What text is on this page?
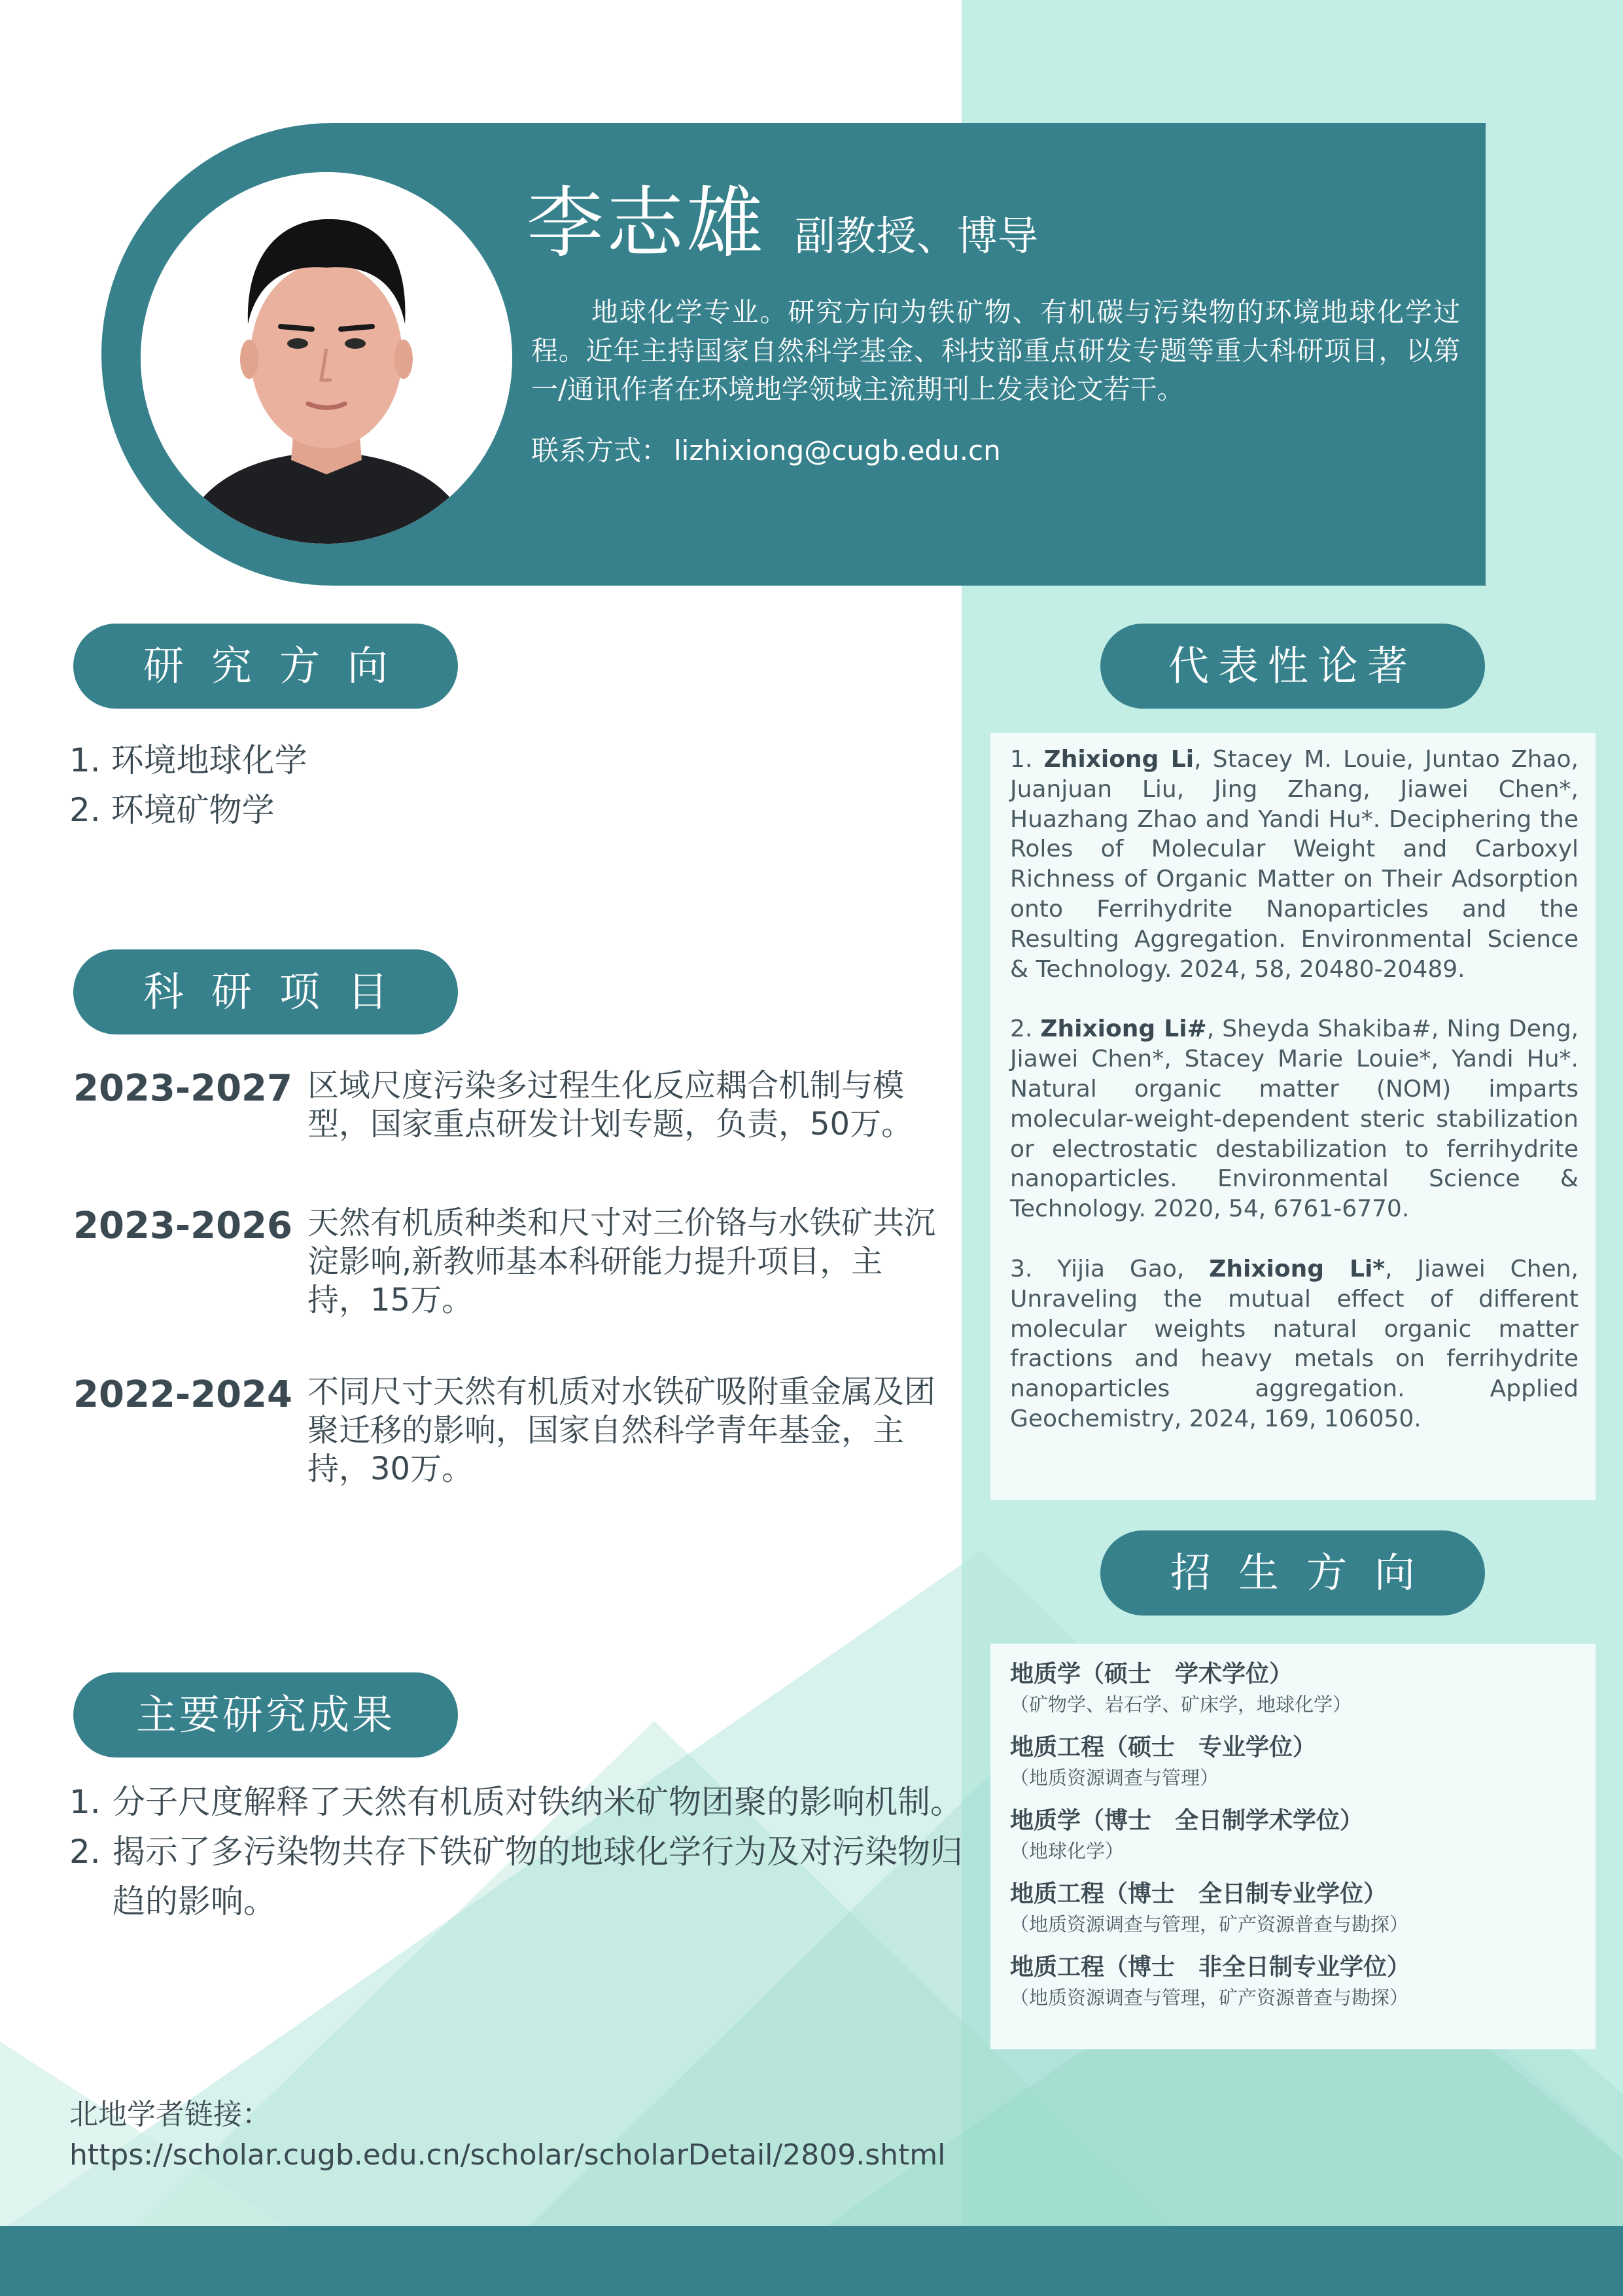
李志雄 副教授、博导
地球化学专业。研究方向为铁矿物、有机碳与污染物的环境地球化学过程。近年主持国家自然科学基金、科技部重点研发专题等重大科研项目，以第一/通讯作者在环境地学领域主流期刊上发表论文若干。
联系方式： lizhixiong@cugb.edu.cn
研究方向
1. 环境地球化学
2. 环境矿物学
科研项目
2023-2027 区域尺度污染多过程生化反应耦合机制与模型，国家重点研发计划专题，负责，50万。
2023-2026 天然有机质种类和尺寸对三价铬与水铁矿共沉淀影响,新教师基本科研能力提升项目，主持，15万。
2022-2024 不同尺寸天然有机质对水铁矿吸附重金属及团聚迁移的影响，国家自然科学青年基金，主持，30万。
主要研究成果
1. 分子尺度解释了天然有机质对铁纳米矿物团聚的影响机制。
2. 揭示了多污染物共存下铁矿物的地球化学行为及对污染物归趋的影响。
北地学者链接：
https://scholar.cugb.edu.cn/scholar/scholarDetail/2809.shtml
代表性论著
1. Zhixiong Li, Stacey M. Louie, Juntao Zhao, Juanjuan Liu, Jing Zhang, Jiawei Chen*, Huazhang Zhao and Yandi Hu*. Deciphering the Roles of Molecular Weight and Carboxyl Richness of Organic Matter on Their Adsorption onto Ferrihydrite Nanoparticles and the Resulting Aggregation. Environmental Science & Technology. 2024, 58, 20480-20489.
2. Zhixiong Li#, Sheyda Shakiba#, Ning Deng, Jiawei Chen*, Stacey Marie Louie*, Yandi Hu*. Natural organic matter (NOM) imparts molecular-weight-dependent steric stabilization or electrostatic destabilization to ferrihydrite nanoparticles. Environmental Science & Technology. 2020, 54, 6761-6770.
3. Yijia Gao, Zhixiong Li*, Jiawei Chen, Unraveling the mutual effect of different molecular weights natural organic matter fractions and heavy metals on ferrihydrite nanoparticles aggregation. Applied Geochemistry, 2024, 169, 106050.
招生方向
地质学（硕士　学术学位）
（矿物学、岩石学、矿床学，地球化学）
地质工程（硕士　专业学位）
（地质资源调查与管理）
地质学（博士　全日制学术学位）
（地球化学）
地质工程（博士　全日制专业学位）
（地质资源调查与管理，矿产资源普查与勘探）
地质工程（博士　非全日制专业学位）
（地质资源调查与管理，矿产资源普查与勘探）
